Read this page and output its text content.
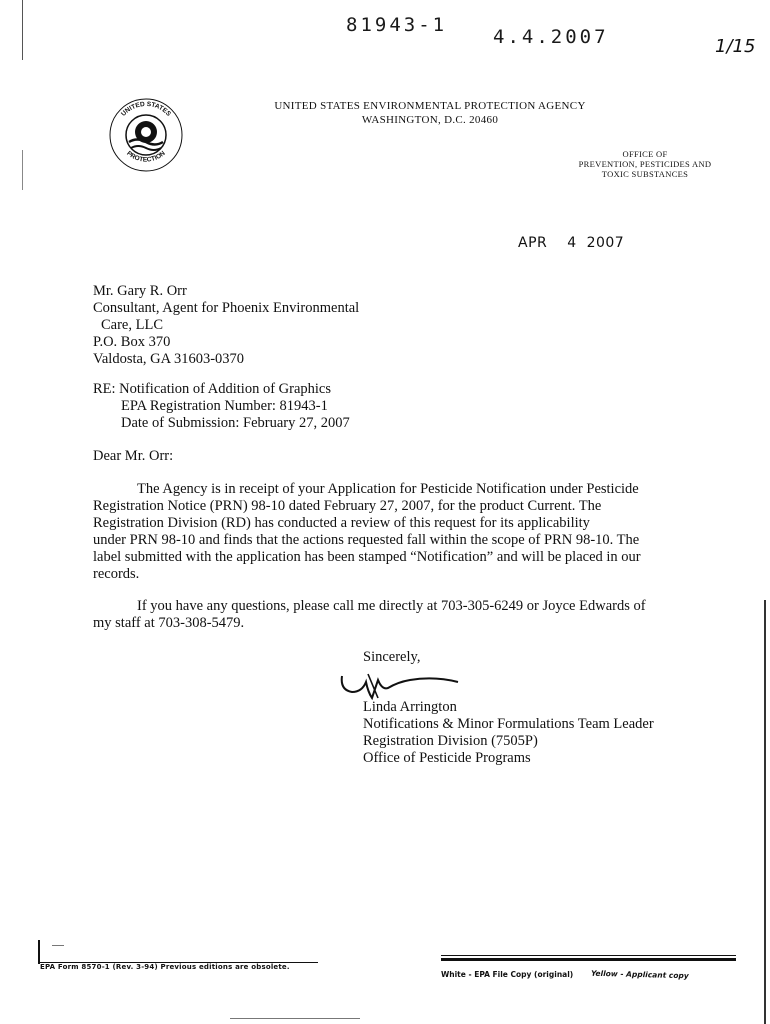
81943-1
4.4.2007	1/15
UNITED STATES
PROTECTION
UNITED STATES ENVIRONMENTAL PROTECTION AGENCY
WASHINGTON, D.C. 20460
OFFICE OF
PREVENTION, PESTICIDES AND
TOXIC SUBSTANCES
APR 4 2007
Mr. Gary R. Orr
Consultant, Agent for Phoenix Environmental
Care, LLC
P.O. Box 370
Valdosta, GA 31603-0370
RE: Notification of Addition of Graphics
EPA Registration Number: 81943-1
Date of Submission: February 27, 2007
Dear Mr. Orr:
The Agency is in receipt of your Application for Pesticide Notification under Pesticide
Registration Notice (PRN) 98-10 dated February 27, 2007, for the product Current. The
Registration Division (RD) has conducted a review of this request for its applicability
under PRN 98-10 and finds that the actions requested fall within the scope of PRN 98-10. The
label submitted with the application has been stamped “Notification” and will be placed in our
records.
If you have any questions, please call me directly at 703-305-6249 or Joyce Edwards of
my staff at 703-308-5479.
Sincerely,
Linda Arrington
Notifications & Minor Formulations Team Leader
Registration Division (7505P)
Office of Pesticide Programs
EPA Form 8570-1 (Rev. 3-94) Previous editions are obsolete.
White - EPA File Copy (original) Yellow - Applicant copy
